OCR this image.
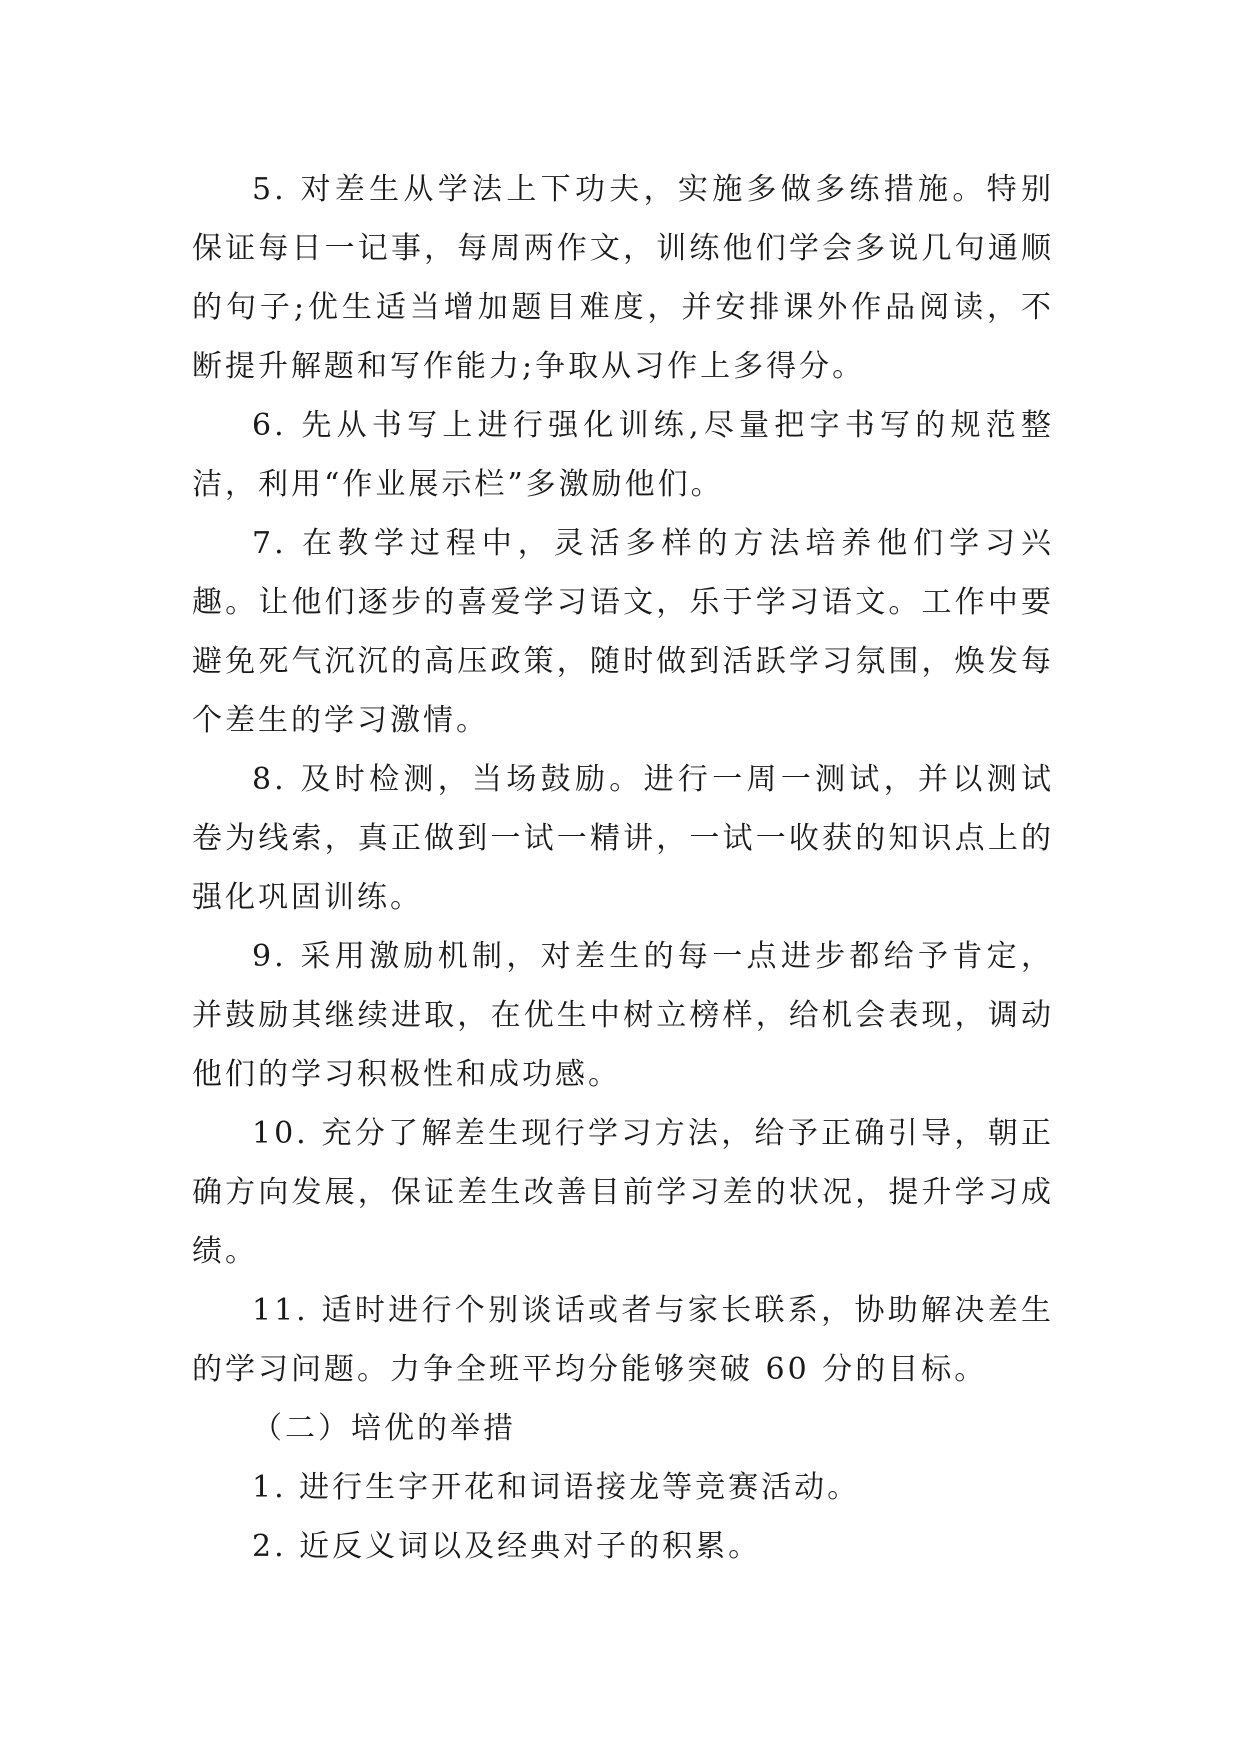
5. 对差生从学法上下功夫，实施多做多练措施。特别保证每日一记事，每周两作文，训练他们学会多说几句通顺的句子;优生适当增加题目难度，并安排课外作品阅读，不断提升解题和写作能力;争取从习作上多得分。

6. 先从书写上进行强化训练,尽量把字书写的规范整洁，利用“作业展示栏”多激励他们。

7. 在教学过程中，灵活多样的方法培养他们学习兴趣。让他们逐步的喜爱学习语文，乐于学习语文。工作中要避免死气沉沉的高压政策，随时做到活跃学习氛围，焕发每个差生的学习激情。

8. 及时检测，当场鼓励。进行一周一测试，并以测试卷为线索，真正做到一试一精讲，一试一收获的知识点上的强化巩固训练。

9. 采用激励机制，对差生的每一点进步都给予肯定，并鼓励其继续进取，在优生中树立榜样，给机会表现，调动他们的学习积极性和成功感。

10. 充分了解差生现行学习方法，给予正确引导，朝正确方向发展，保证差生改善目前学习差的状况，提升学习成绩。

11. 适时进行个别谈话或者与家长联系，协助解决差生的学习问题。力争全班平均分能够突破 60 分的目标。

（二）培优的举措

1. 进行生字开花和词语接龙等竞赛活动。

2. 近反义词以及经典对子的积累。
